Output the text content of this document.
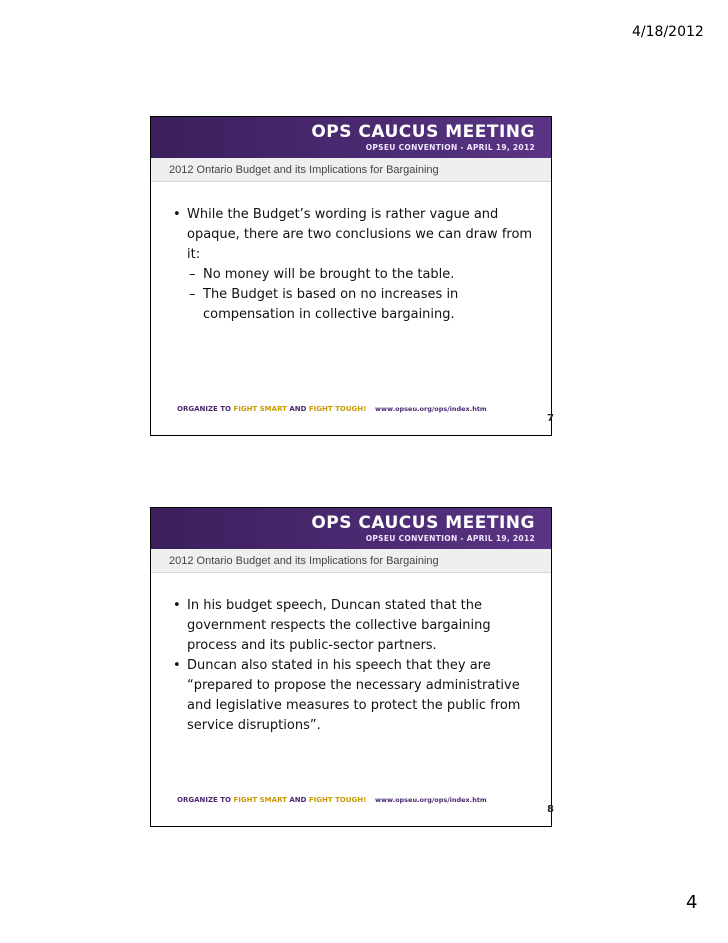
4/18/2012
OPS CAUCUS MEETING
OPSEU CONVENTION - APRIL 19, 2012
2012 Ontario Budget and its Implications for Bargaining
• While the Budget’s wording is rather vague and opaque, there are two conclusions we can draw from it:
– No money will be brought to the table.
– The Budget is based on no increases in compensation in collective bargaining.
ORGANIZE TO FIGHT SMART AND FIGHT TOUGH! www.opseu.org/ops/index.htm
7
OPS CAUCUS MEETING
OPSEU CONVENTION - APRIL 19, 2012
2012 Ontario Budget and its Implications for Bargaining
• In his budget speech, Duncan stated that the government respects the collective bargaining process and its public-sector partners.
• Duncan also stated in his speech that they are “prepared to propose the necessary administrative and legislative measures to protect the public from service disruptions”.
ORGANIZE TO FIGHT SMART AND FIGHT TOUGH! www.opseu.org/ops/index.htm
8
4
